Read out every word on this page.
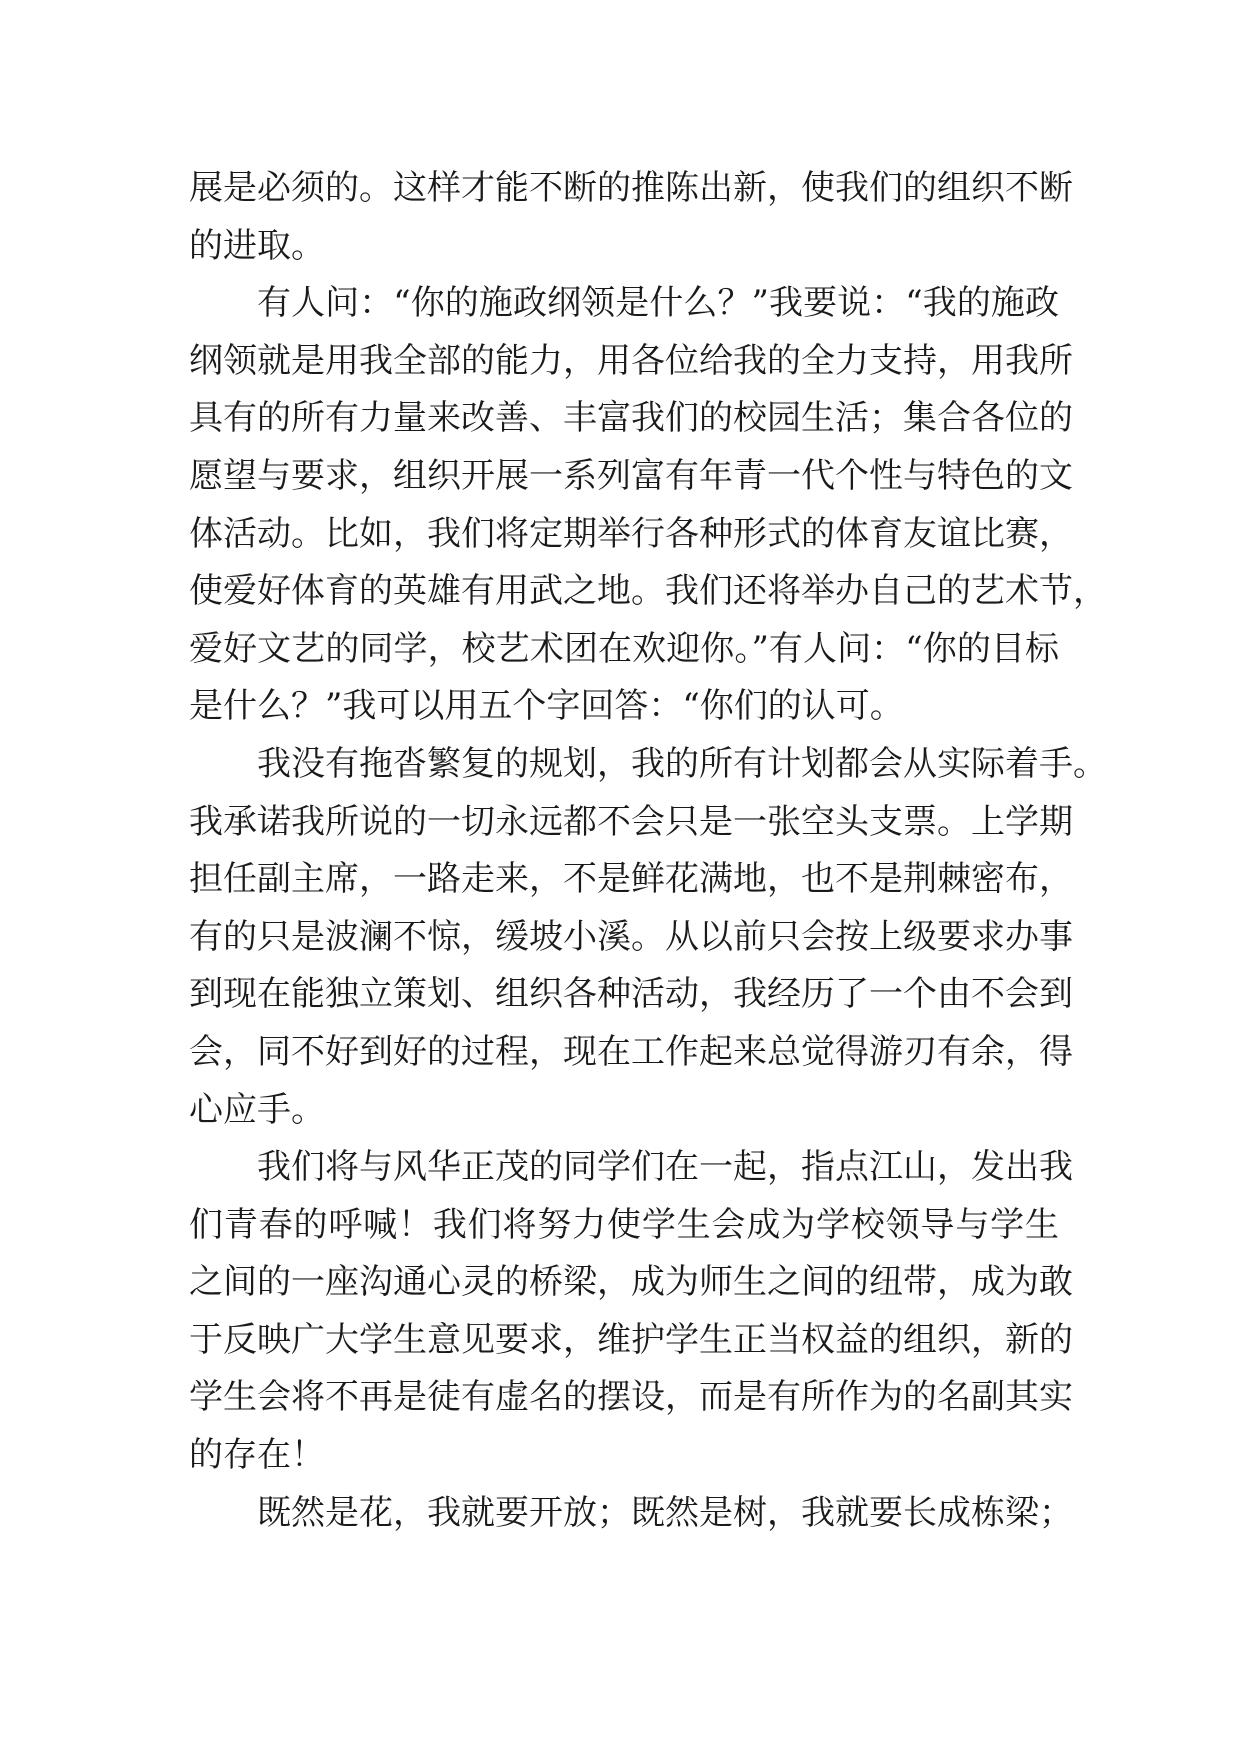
展是必须的。这样才能不断的推陈出新，使我们的组织不断
的进取。
有人问：“你的施政纲领是什么？”我要说：“我的施政
纲领就是用我全部的能力，用各位给我的全力支持，用我所
具有的所有力量来改善、丰富我们的校园生活；集合各位的
愿望与要求，组织开展一系列富有年青一代个性与特色的文
体活动。比如，我们将定期举行各种形式的体育友谊比赛，
使爱好体育的英雄有用武之地。我们还将举办自己的艺术节，
爱好文艺的同学，校艺术团在欢迎你。”有人问：“你的目标
是什么？”我可以用五个字回答：“你们的认可。
我没有拖沓繁复的规划，我的所有计划都会从实际着手。
我承诺我所说的一切永远都不会只是一张空头支票。上学期
担任副主席，一路走来，不是鲜花满地，也不是荆棘密布，
有的只是波澜不惊，缓坡小溪。从以前只会按上级要求办事
到现在能独立策划、组织各种活动，我经历了一个由不会到
会，同不好到好的过程，现在工作起来总觉得游刃有余，得
心应手。
我们将与风华正茂的同学们在一起，指点江山，发出我
们青春的呼喊！我们将努力使学生会成为学校领导与学生
之间的一座沟通心灵的桥梁，成为师生之间的纽带，成为敢
于反映广大学生意见要求，维护学生正当权益的组织，新的
学生会将不再是徒有虚名的摆设，而是有所作为的名副其实
的存在！
既然是花，我就要开放；既然是树，我就要长成栋梁；
